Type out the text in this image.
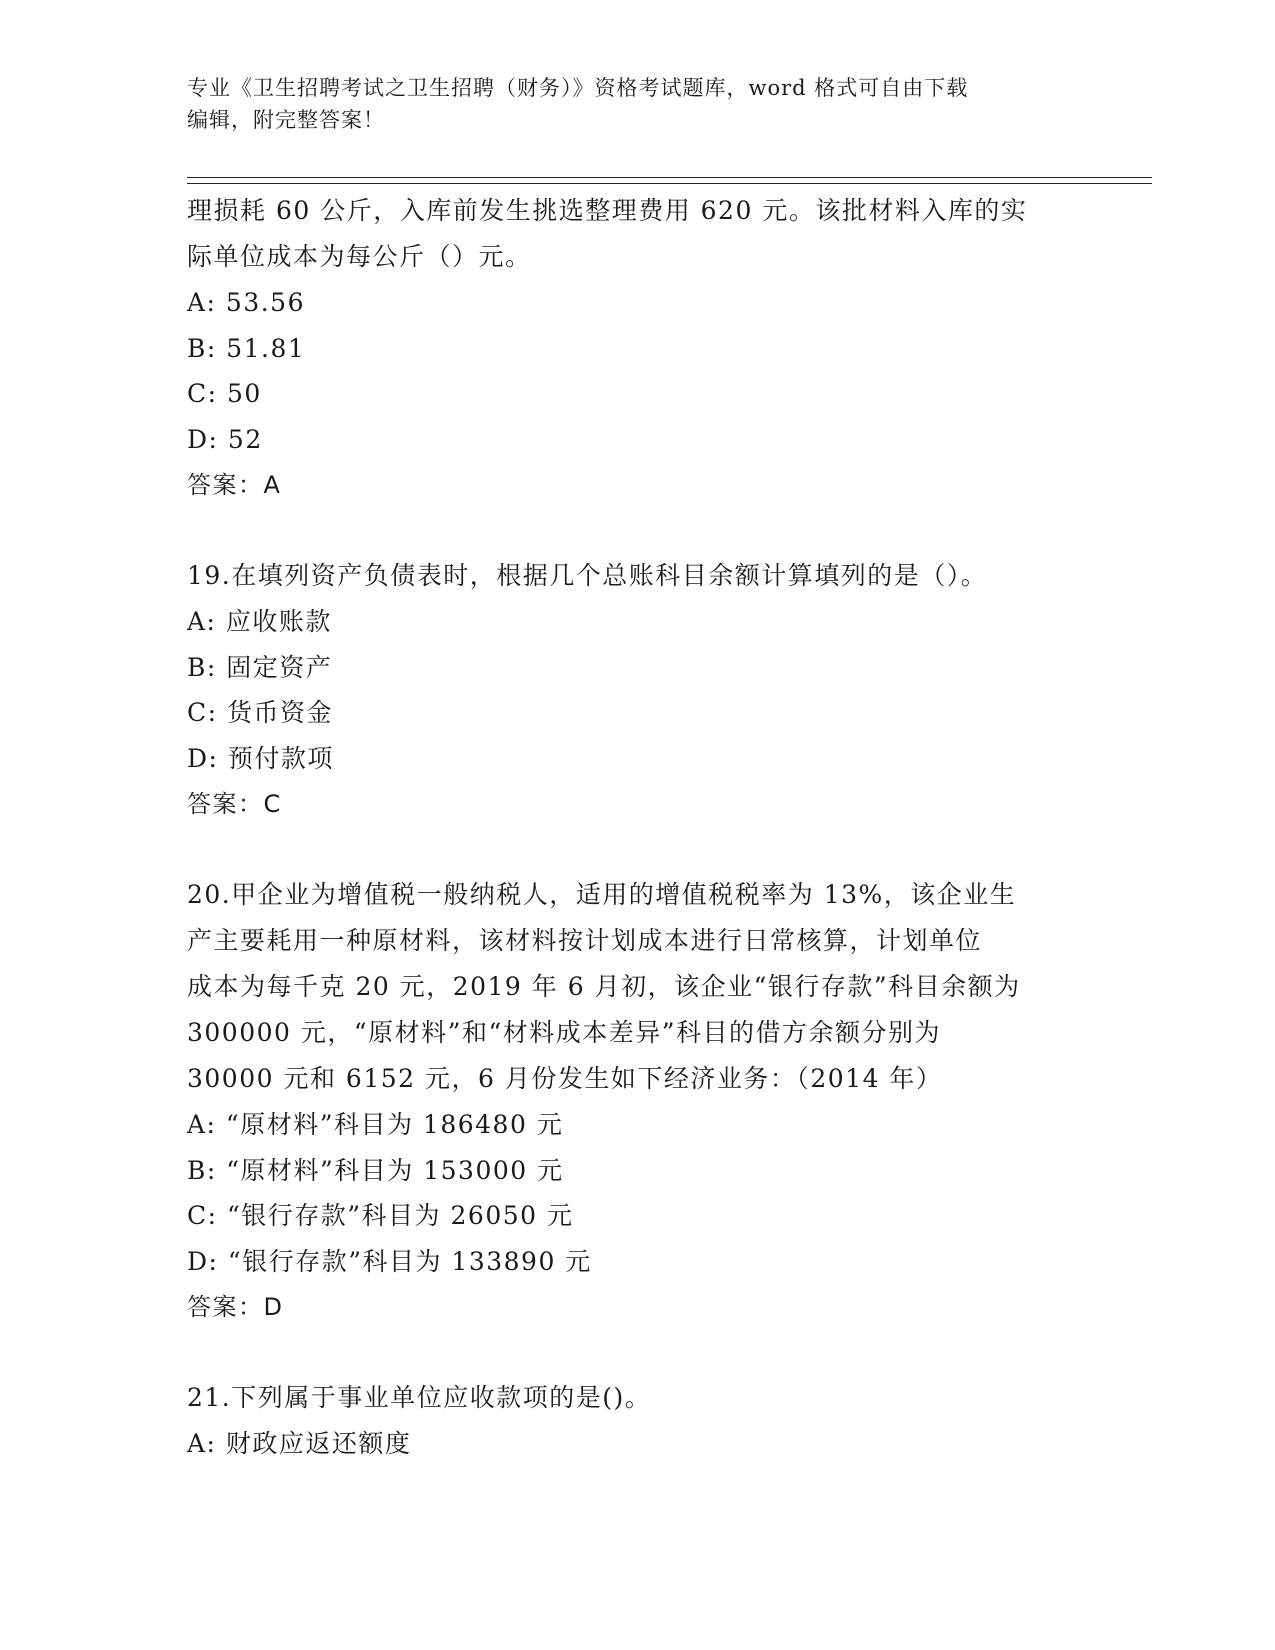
专业《卫生招聘考试之卫生招聘（财务）》资格考试题库，word 格式可自由下载
编辑，附完整答案！
理损耗 60 公斤，入库前发生挑选整理费用 620 元。该批材料入库的实
际单位成本为每公斤（）元。
A: 53.56
B: 51.81
C: 50
D: 52
答案：A
19.在填列资产负债表时，根据几个总账科目余额计算填列的是（）。
A: 应收账款
B: 固定资产
C: 货币资金
D: 预付款项
答案：C
20.甲企业为增值税一般纳税人，适用的增值税税率为 13%，该企业生
产主要耗用一种原材料，该材料按计划成本进行日常核算，计划单位
成本为每千克 20 元，2019 年 6 月初，该企业“银行存款”科目余额为
300000 元，“原材料”和“材料成本差异”科目的借方余额分别为
30000 元和 6152 元，6 月份发生如下经济业务：（2014 年）
A: “原材料”科目为 186480 元
B: “原材料”科目为 153000 元
C: “银行存款”科目为 26050 元
D: “银行存款”科目为 133890 元
答案：D
21.下列属于事业单位应收款项的是()。
A: 财政应返还额度
